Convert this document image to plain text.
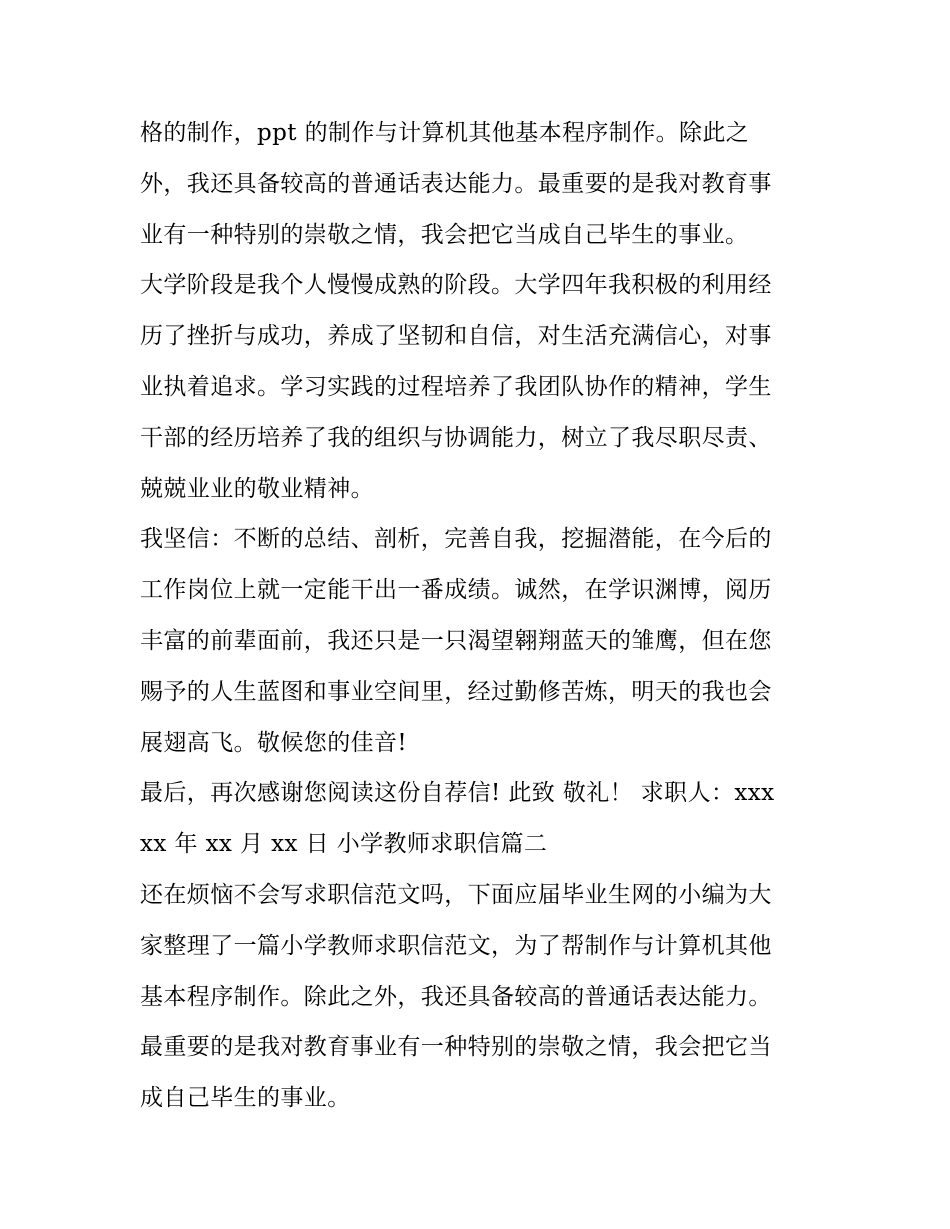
格的制作，ppt 的制作与计算机其他基本程序制作。除此之
外，我还具备较高的普通话表达能力。最重要的是我对教育事
业有一种特别的崇敬之情，我会把它当成自己毕生的事业。
大学阶段是我个人慢慢成熟的阶段。大学四年我积极的利用经
历了挫折与成功，养成了坚韧和自信，对生活充满信心，对事
业执着追求。学习实践的过程培养了我团队协作的精神，学生
干部的经历培养了我的组织与协调能力，树立了我尽职尽责、
兢兢业业的敬业精神。
我坚信：不断的总结、剖析，完善自我，挖掘潜能，在今后的
工作岗位上就一定能干出一番成绩。诚然，在学识渊博，阅历
丰富的前辈面前，我还只是一只渴望翱翔蓝天的雏鹰，但在您
赐予的人生蓝图和事业空间里，经过勤修苦炼，明天的我也会
展翅高飞。敬候您的佳音!
最后，再次感谢您阅读这份自荐信! 此致 敬礼！ 求职人：xxx
xx 年 xx 月 xx 日 小学教师求职信篇二
还在烦恼不会写求职信范文吗，下面应届毕业生网的小编为大
家整理了一篇小学教师求职信范文，为了帮制作与计算机其他
基本程序制作。除此之外，我还具备较高的普通话表达能力。
最重要的是我对教育事业有一种特别的崇敬之情，我会把它当
成自己毕生的事业。
